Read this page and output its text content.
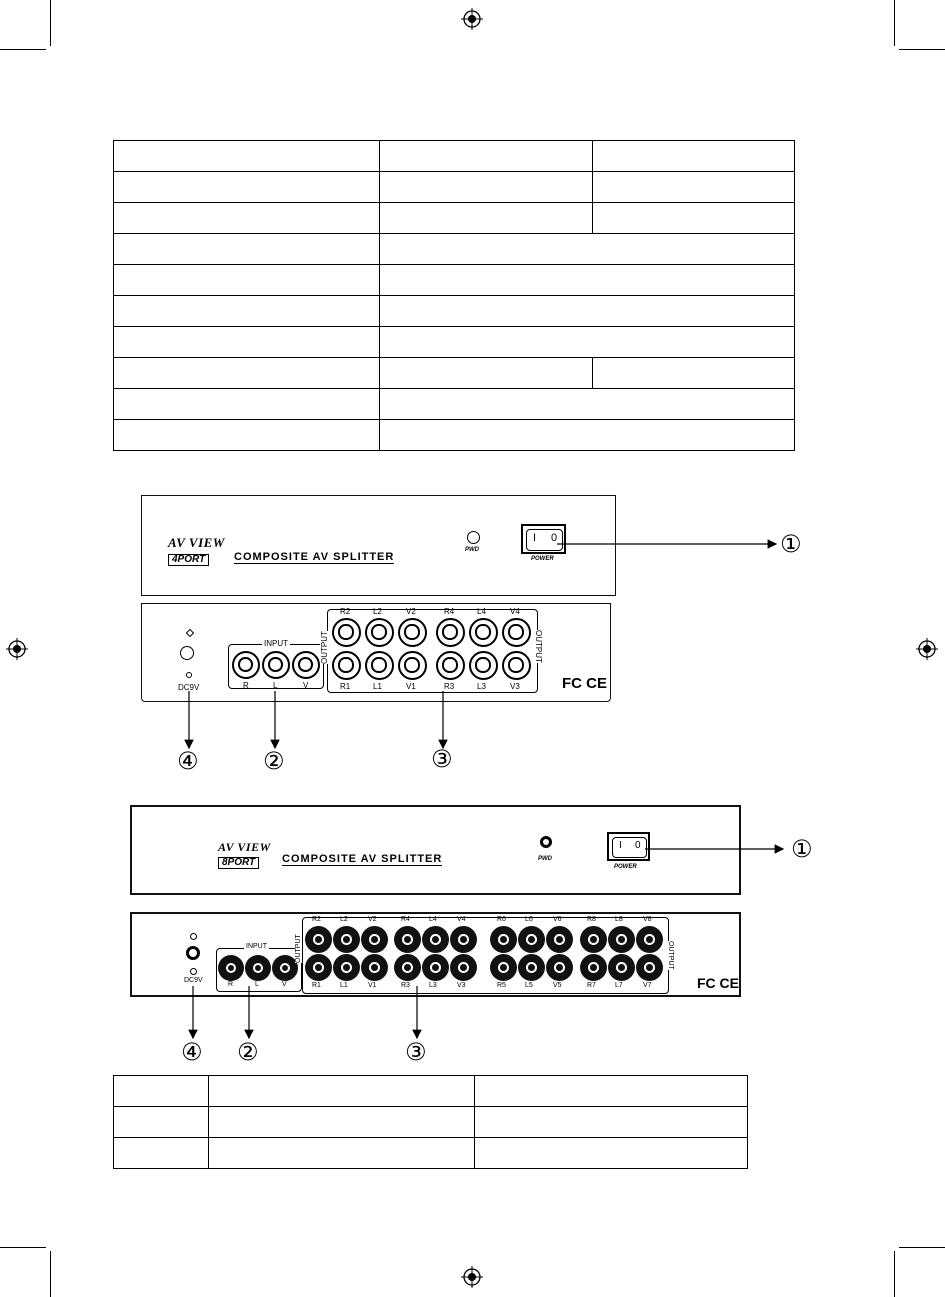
AV VIEW
4PORT	COMPOSITE AV SPLITTER
PWD
I 0
POWER
DC9V
INPUT
R	L	V
OUTPUT	OUTPUT
R2
R1
L2
L1
V2
V1
R4
R3
L4
L3
V4
V3	FC CE
AV VIEW
8PORT	COMPOSITE AV SPLITTER	PWD
I 0
POWER
DC9V
INPUT
R	L	V
OUTPUT	OUTPUT
R2
R1
L2
L1
V2
V1
R4
R3
L4
L3
V4
V3
R6
R5
L6
L5
V6
V5
R8
R7
L8
L7
V8
V7	FC CE
①
④	②	③
①
④ ②	③
